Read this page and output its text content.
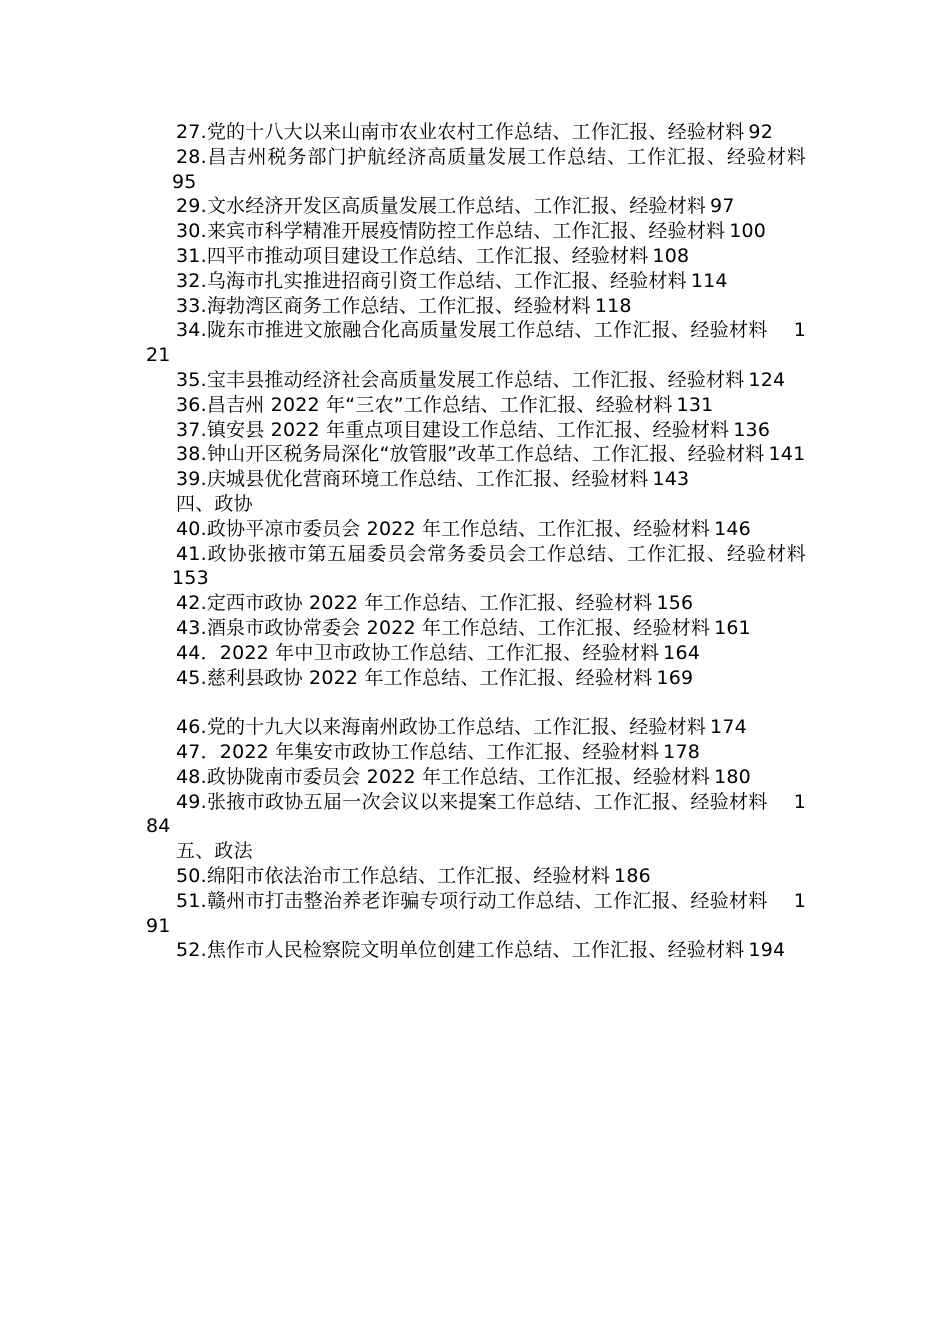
27.党的十八大以来山南市农业农村工作总结、工作汇报、经验材料 92

28.昌吉州税务部门护航经济高质量发展工作总结、工作汇报、经验材料95

29.文水经济开发区高质量发展工作总结、工作汇报、经验材料 97

30.来宾市科学精准开展疫情防控工作总结、工作汇报、经验材料 100

31.四平市推动项目建设工作总结、工作汇报、经验材料 108

32.乌海市扎实推进招商引资工作总结、工作汇报、经验材料 114

33.海勃湾区商务工作总结、工作汇报、经验材料 118

34.陇东市推进文旅融合化高质量发展工作总结、工作汇报、经验材料 121

35.宝丰县推动经济社会高质量发展工作总结、工作汇报、经验材料 124

36.昌吉州 2022 年“三农”工作总结、工作汇报、经验材料 131

37.镇安县 2022 年重点项目建设工作总结、工作汇报、经验材料 136

38.钟山开区税务局深化“放管服”改革工作总结、工作汇报、经验材料 141

39.庆城县优化营商环境工作总结、工作汇报、经验材料 143

四、政协

40.政协平凉市委员会 2022 年工作总结、工作汇报、经验材料 146

41.政协张掖市第五届委员会常务委员会工作总结、工作汇报、经验材料153

42.定西市政协 2022 年工作总结、工作汇报、经验材料 156

43.酒泉市政协常委会 2022 年工作总结、工作汇报、经验材料 161

44．2022 年中卫市政协工作总结、工作汇报、经验材料 164

45.慈利县政协 2022 年工作总结、工作汇报、经验材料 169

46.党的十九大以来海南州政协工作总结、工作汇报、经验材料 174

47．2022 年集安市政协工作总结、工作汇报、经验材料 178

48.政协陇南市委员会 2022 年工作总结、工作汇报、经验材料 180

49.张掖市政协五届一次会议以来提案工作总结、工作汇报、经验材料 184

五、政法

50.绵阳市依法治市工作总结、工作汇报、经验材料 186

51.赣州市打击整治养老诈骗专项行动工作总结、工作汇报、经验材料 191

52.焦作市人民检察院文明单位创建工作总结、工作汇报、经验材料 194
